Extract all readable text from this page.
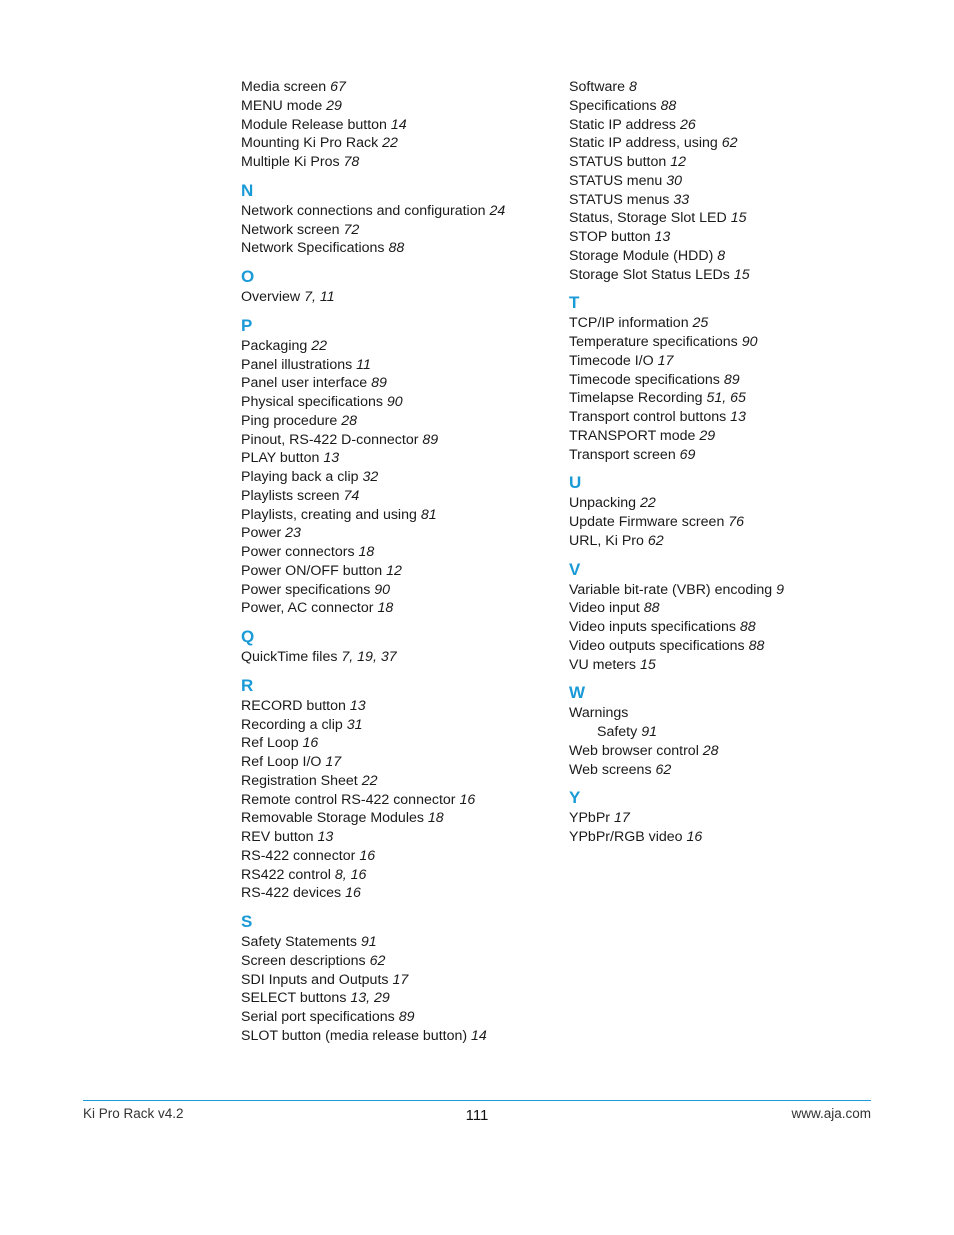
Media screen 67
MENU mode 29
Module Release button 14
Mounting Ki Pro Rack 22
Multiple Ki Pros 78
N
Network connections and configuration 24
Network screen 72
Network Specifications 88
O
Overview 7, 11
P
Packaging 22
Panel illustrations 11
Panel user interface 89
Physical specifications 90
Ping procedure 28
Pinout, RS-422 D-connector 89
PLAY button 13
Playing back a clip 32
Playlists screen 74
Playlists, creating and using 81
Power 23
Power connectors 18
Power ON/OFF button 12
Power specifications 90
Power, AC connector 18
Q
QuickTime files 7, 19, 37
R
RECORD button 13
Recording a clip 31
Ref Loop 16
Ref Loop I/O 17
Registration Sheet 22
Remote control RS-422 connector 16
Removable Storage Modules 18
REV button 13
RS-422 connector 16
RS422 control 8, 16
RS-422 devices 16
S
Safety Statements 91
Screen descriptions 62
SDI Inputs and Outputs 17
SELECT buttons 13, 29
Serial port specifications 89
SLOT button (media release button) 14
Software 8
Specifications 88
Static IP address 26
Static IP address, using 62
STATUS button 12
STATUS menu 30
STATUS menus 33
Status, Storage Slot LED 15
STOP button 13
Storage Module (HDD) 8
Storage Slot Status LEDs 15
T
TCP/IP information 25
Temperature specifications 90
Timecode I/O 17
Timecode specifications 89
Timelapse Recording 51, 65
Transport control buttons 13
TRANSPORT mode 29
Transport screen 69
U
Unpacking 22
Update Firmware screen 76
URL, Ki Pro 62
V
Variable bit-rate (VBR) encoding 9
Video input 88
Video inputs specifications 88
Video outputs specifications 88
VU meters 15
W
Warnings
Safety 91
Web browser control 28
Web screens 62
Y
YPbPr 17
YPbPr/RGB video 16
Ki Pro Rack v4.2	111	www.aja.com
